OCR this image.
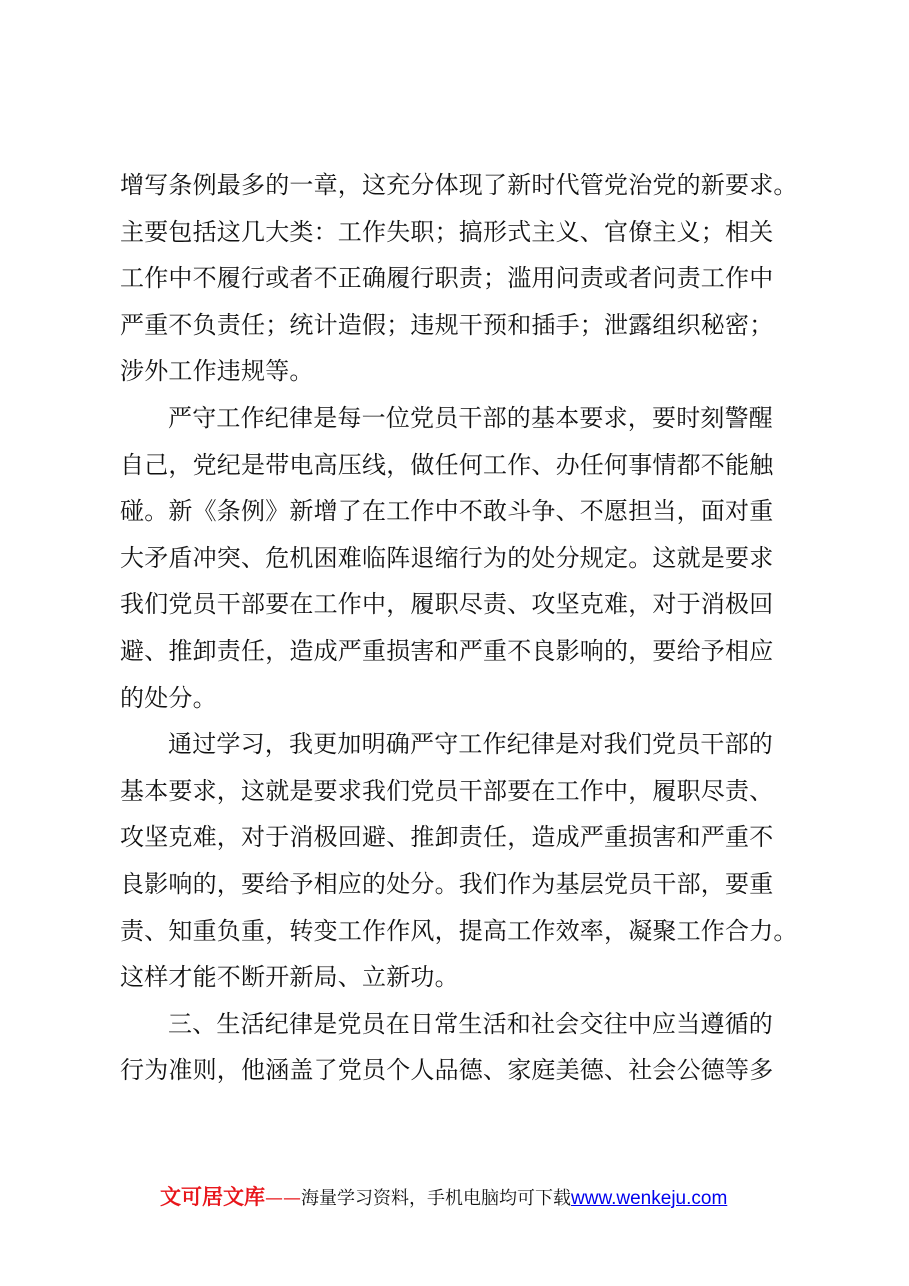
增写条例最多的一章，这充分体现了新时代管党治党的新要求。
主要包括这几大类：工作失职；搞形式主义、官僚主义；相关
工作中不履行或者不正确履行职责；滥用问责或者问责工作中
严重不负责任；统计造假；违规干预和插手；泄露组织秘密；
涉外工作违规等。
严守工作纪律是每一位党员干部的基本要求，要时刻警醒
自己，党纪是带电高压线，做任何工作、办任何事情都不能触
碰。新《条例》新增了在工作中不敢斗争、不愿担当，面对重
大矛盾冲突、危机困难临阵退缩行为的处分规定。这就是要求
我们党员干部要在工作中，履职尽责、攻坚克难，对于消极回
避、推卸责任，造成严重损害和严重不良影响的，要给予相应
的处分。
通过学习，我更加明确严守工作纪律是对我们党员干部的
基本要求，这就是要求我们党员干部要在工作中，履职尽责、
攻坚克难，对于消极回避、推卸责任，造成严重损害和严重不
良影响的，要给予相应的处分。我们作为基层党员干部，要重
责、知重负重，转变工作作风，提高工作效率，凝聚工作合力。
这样才能不断开新局、立新功。
三、生活纪律是党员在日常生活和社会交往中应当遵循的
行为准则，他涵盖了党员个人品德、家庭美德、社会公德等多
文可居文库——海量学习资料，手机电脑均可下载www.wenkeju.com
